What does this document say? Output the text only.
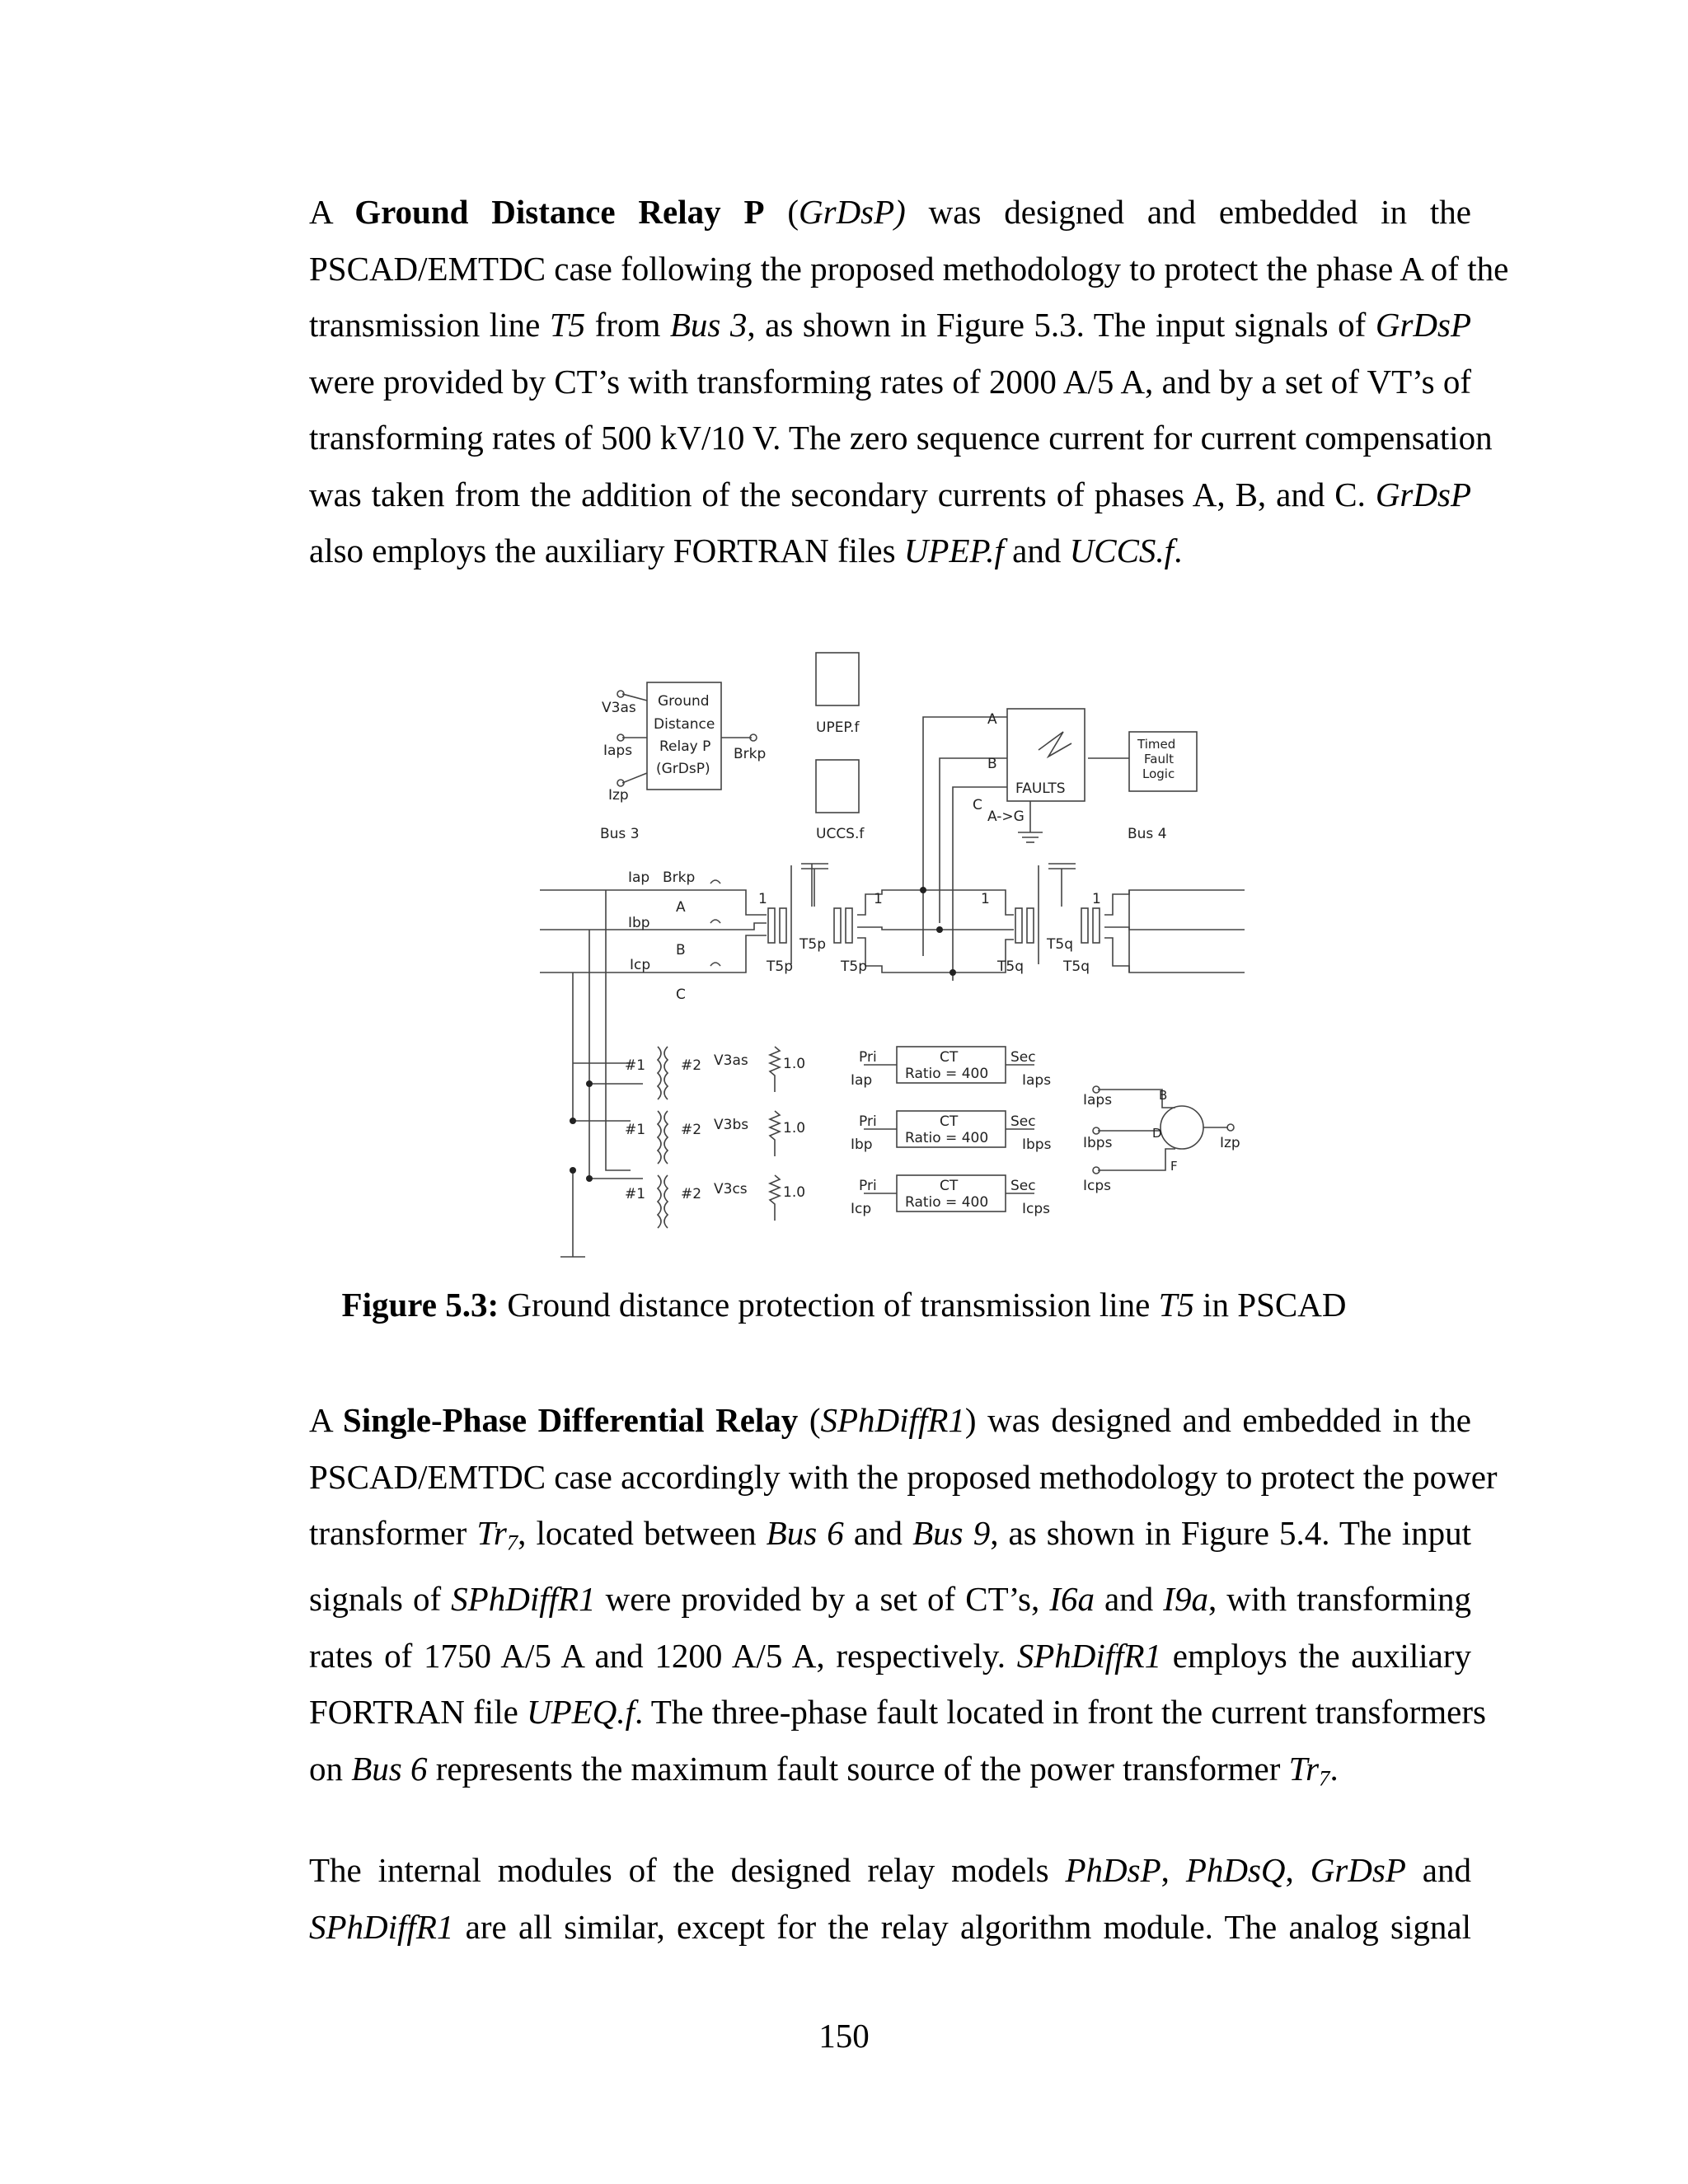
A Ground Distance Relay P (GrDsP) was designed and embedded in the
PSCAD/EMTDC case following the proposed methodology to protect the phase A of the
transmission line T5 from Bus 3, as shown in Figure 5.3. The input signals of GrDsP
were provided by CT’s with transforming rates of 2000 A/5 A, and by a set of VT’s of
transforming rates of 500 kV/10 V. The zero sequence current for current compensation
was taken from the addition of the secondary currents of phases A, B, and C. GrDsP
also employs the auxiliary FORTRAN files UPEP.f and UCCS.f.
V3as
Iaps
Izp
Ground
Distance
Relay P
(GrDsP)
Brkp
UPEP.f
UCCS.f
Bus 3	Bus 4
FAULTS
A
B
C
A->G
Timed
Fault
Logic
Iap Brkp
Ibp
Icp
A
B
C
1	1	1	1
T5p
T5p	T5p
T5q
T5q	T5q
#1	#2
#1	#2
#1	#2
V3as
V3bs
V3cs
1.0
1.0
1.0
Pri
Pri
Pri
Sec
Sec
Sec
CT
CT
CT
Ratio = 400
Ratio = 400
Ratio = 400
Iap
Ibp
Icp
Iaps
Ibps
Icps
Iaps
Ibps
Icps
B
D
F
Izp
Figure 5.3: Ground distance protection of transmission line T5 in PSCAD
A Single-Phase Differential Relay (SPhDiffR1) was designed and embedded in the
PSCAD/EMTDC case accordingly with the proposed methodology to protect the power
transformer $Tr_7$, located between Bus 6 and Bus 9, as shown in Figure 5.4. The input
signals of SPhDiffR1 were provided by a set of CT’s, I6a and I9a, with transforming
rates of 1750 A/5 A and 1200 A/5 A, respectively. SPhDiffR1 employs the auxiliary
FORTRAN file UPEQ.f. The three-phase fault located in front the current transformers
on Bus 6 represents the maximum fault source of the power transformer $Tr_7$.
The internal modules of the designed relay models PhDsP, PhDsQ, GrDsP and
SPhDiffR1 are all similar, except for the relay algorithm module. The analog signal
150
